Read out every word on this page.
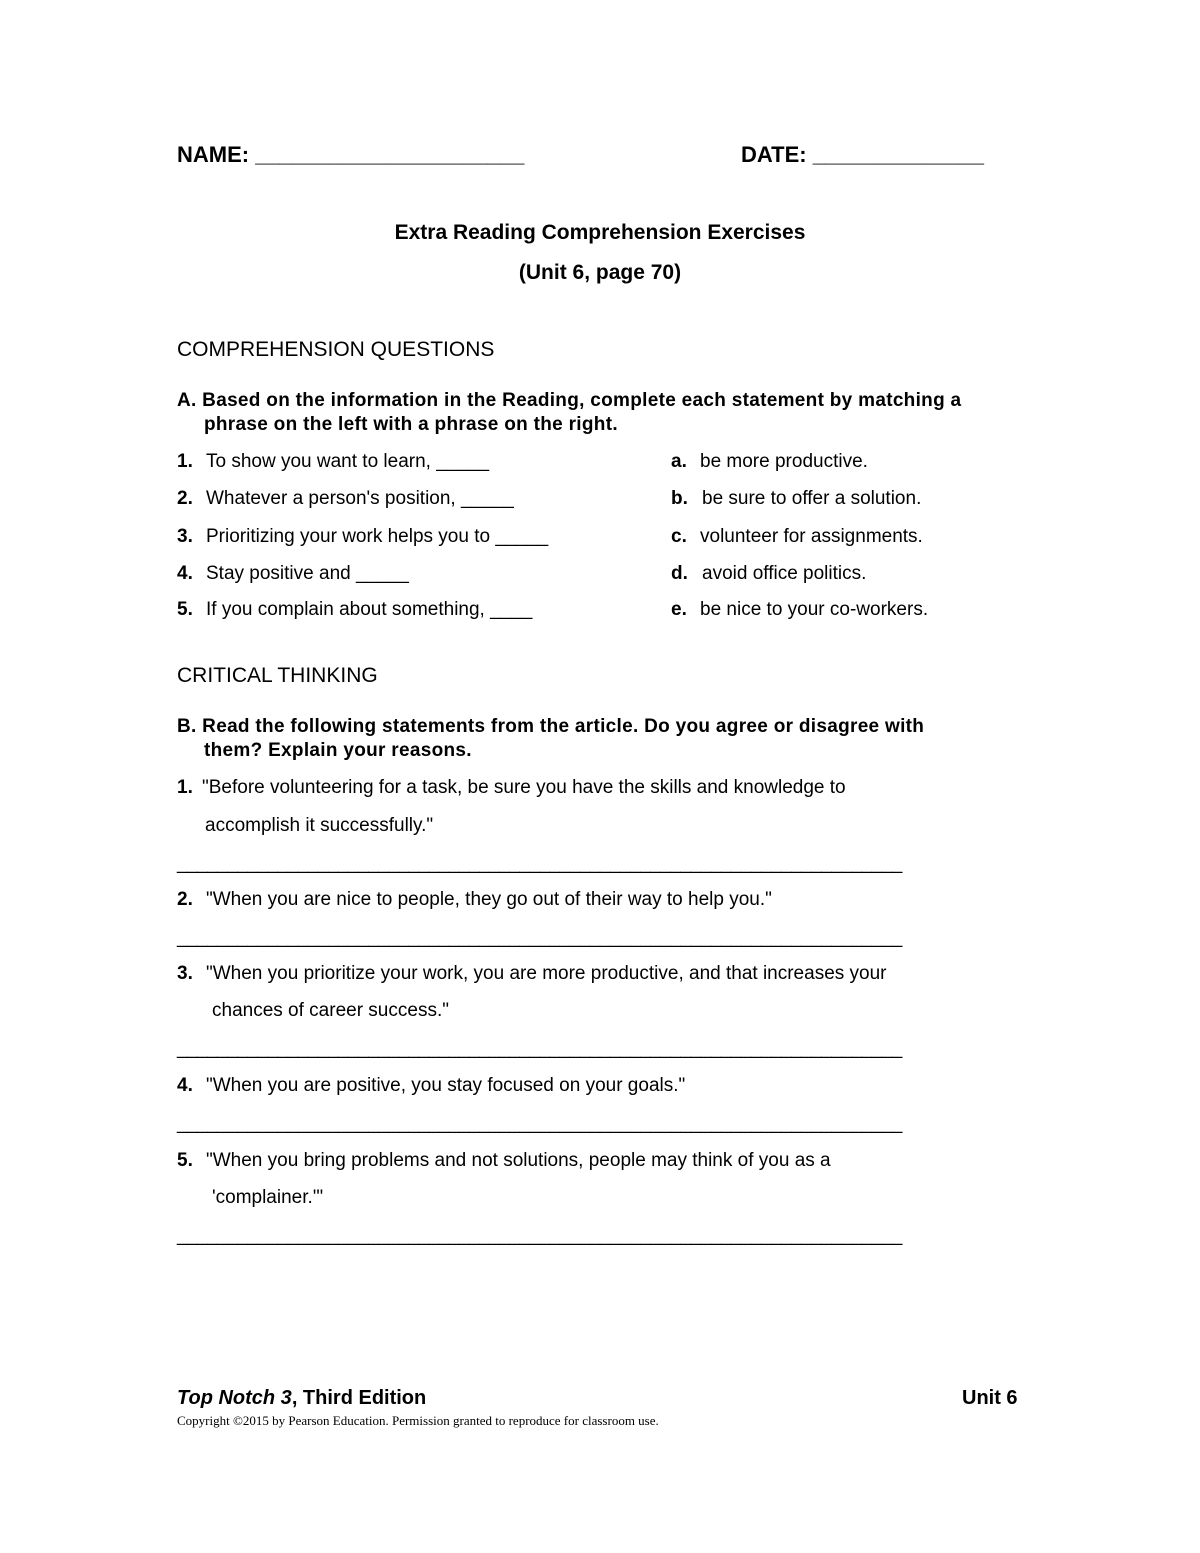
NAME: ______________________	DATE: ______________
Extra Reading Comprehension Exercises
(Unit 6, page 70)
COMPREHENSION QUESTIONS
A. Based on the information in the Reading, complete each statement by matching a
phrase on the left with a phrase on the right.
1. To show you want to learn, _____
2. Whatever a person's position, _____
3. Prioritizing your work helps you to _____
4. Stay positive and _____
5. If you complain about something, ____
a. be more productive.
b. be sure to offer a solution.
c. volunteer for assignments.
d. avoid office politics.
e. be nice to your co-workers.
CRITICAL THINKING
B. Read the following statements from the article. Do you agree or disagree with
them? Explain your reasons.
1. "Before volunteering for a task, be sure you have the skills and knowledge to
accomplish it successfully."
________________________________________________________________________
2. "When you are nice to people, they go out of their way to help you."
________________________________________________________________________
3. "When you prioritize your work, you are more productive, and that increases your
chances of career success."
________________________________________________________________________
4. "When you are positive, you stay focused on your goals."
________________________________________________________________________
5. "When you bring problems and not solutions, people may think of you as a
'complainer.'"
________________________________________________________________________
Top Notch 3, Third Edition	Unit 6
Copyright ©2015 by Pearson Education. Permission granted to reproduce for classroom use.
